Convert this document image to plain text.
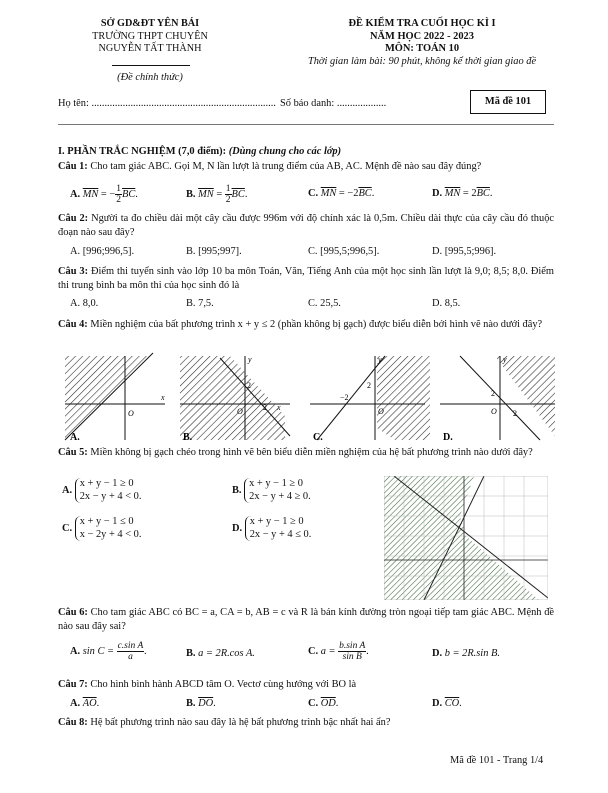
SỞ GD&ĐT YÊN BÁI
TRƯỜNG THPT CHUYÊN
NGUYỄN TẤT THÀNH
(Đề chính thức)
ĐỀ KIỂM TRA CUỐI HỌC KÌ I
NĂM HỌC 2022 - 2023
MÔN: TOÁN 10
Thời gian làm bài: 90 phút, không kể thời gian giao đề
Họ tên: ....................................................................... Số báo danh: ...................	Mã đề 101
I. PHẦN TRẮC NGHIỆM (7,0 điểm): (Dùng chung cho các lớp)
Câu 1: Cho tam giác ABC. Gọi M, N lần lượt là trung điểm của AB, AC. Mệnh đề nào sau đây đúng?
A. $\overline{MN}$ = − $\frac{1}{2} \overline{BC}$.	B. $\overline{MN} = \frac{1}{2} \overline{BC}$.	C. $\overline{MN} = -2\overline{BC}$.	D. $\overline{MN} = 2\overline{BC}$.
Câu 2: Người ta đo chiều dài một cây cầu được 996m với độ chính xác là 0,5m. Chiều dài thực của cây cầu đó thuộc đoạn nào sau đây?
A. [996;996,5].	B. [995;997].	C. [995,5;996,5].	D. [995,5;996].
Câu 3: Điểm thi tuyển sinh vào lớp 10 ba môn Toán, Văn, Tiếng Anh của một học sinh lần lượt là 9,0; 8,5; 8,0. Điểm thi trung bình ba môn thi của học sinh đó là
A. 8,0.	B. 7,5.	C. 25,5.	D. 8,5.
Câu 4: Miền nghiệm của bất phương trình x + y ≤ 2 (phần không bị gạch) được biểu diễn bởi hình vẽ nào dưới đây?
O
x
A.
y
2
O	2 x
B.
y
2
−2
O
C.
y
2
O 2
D.
Câu 5: Miền không bị gạch chéo trong hình vẽ bên biểu diễn miền nghiệm của hệ bất phương trình nào dưới đây?
A.
x + y − 1 ≥ 0
2x − y + 4 < 0.
B.
x + y − 1 ≥ 0
2x − y + 4 ≥ 0.
C.
x + y − 1 ≤ 0
x − 2y + 4 < 0.
D.
x + y − 1 ≥ 0
2x − y + 4 ≤ 0.
Câu 6: Cho tam giác ABC có BC = a, CA = b, AB = c và R là bán kính đường tròn ngoại tiếp tam giác ABC. Mệnh đề nào sau đây sai?
A. $\sin C = \frac{\text{c.sin A}}{a}$ .	B. a = 2R.cos A.	C. $a = \frac{\text{b.sin A}}{\text{sin B}}$ .	D. b = 2R.sin B.
Câu 7: Cho hình bình hành ABCD tâm O. Vectơ cùng hướng với BO là
A. $\overline{AO}$.	B. $\overline{DO}$.	C. $\overline{OD}$.	D. $\overline{CO}$.
Câu 8: Hệ bất phương trình nào sau đây là hệ bất phương trình bậc nhất hai ẩn?
Mã đề 101 - Trang 1/4
